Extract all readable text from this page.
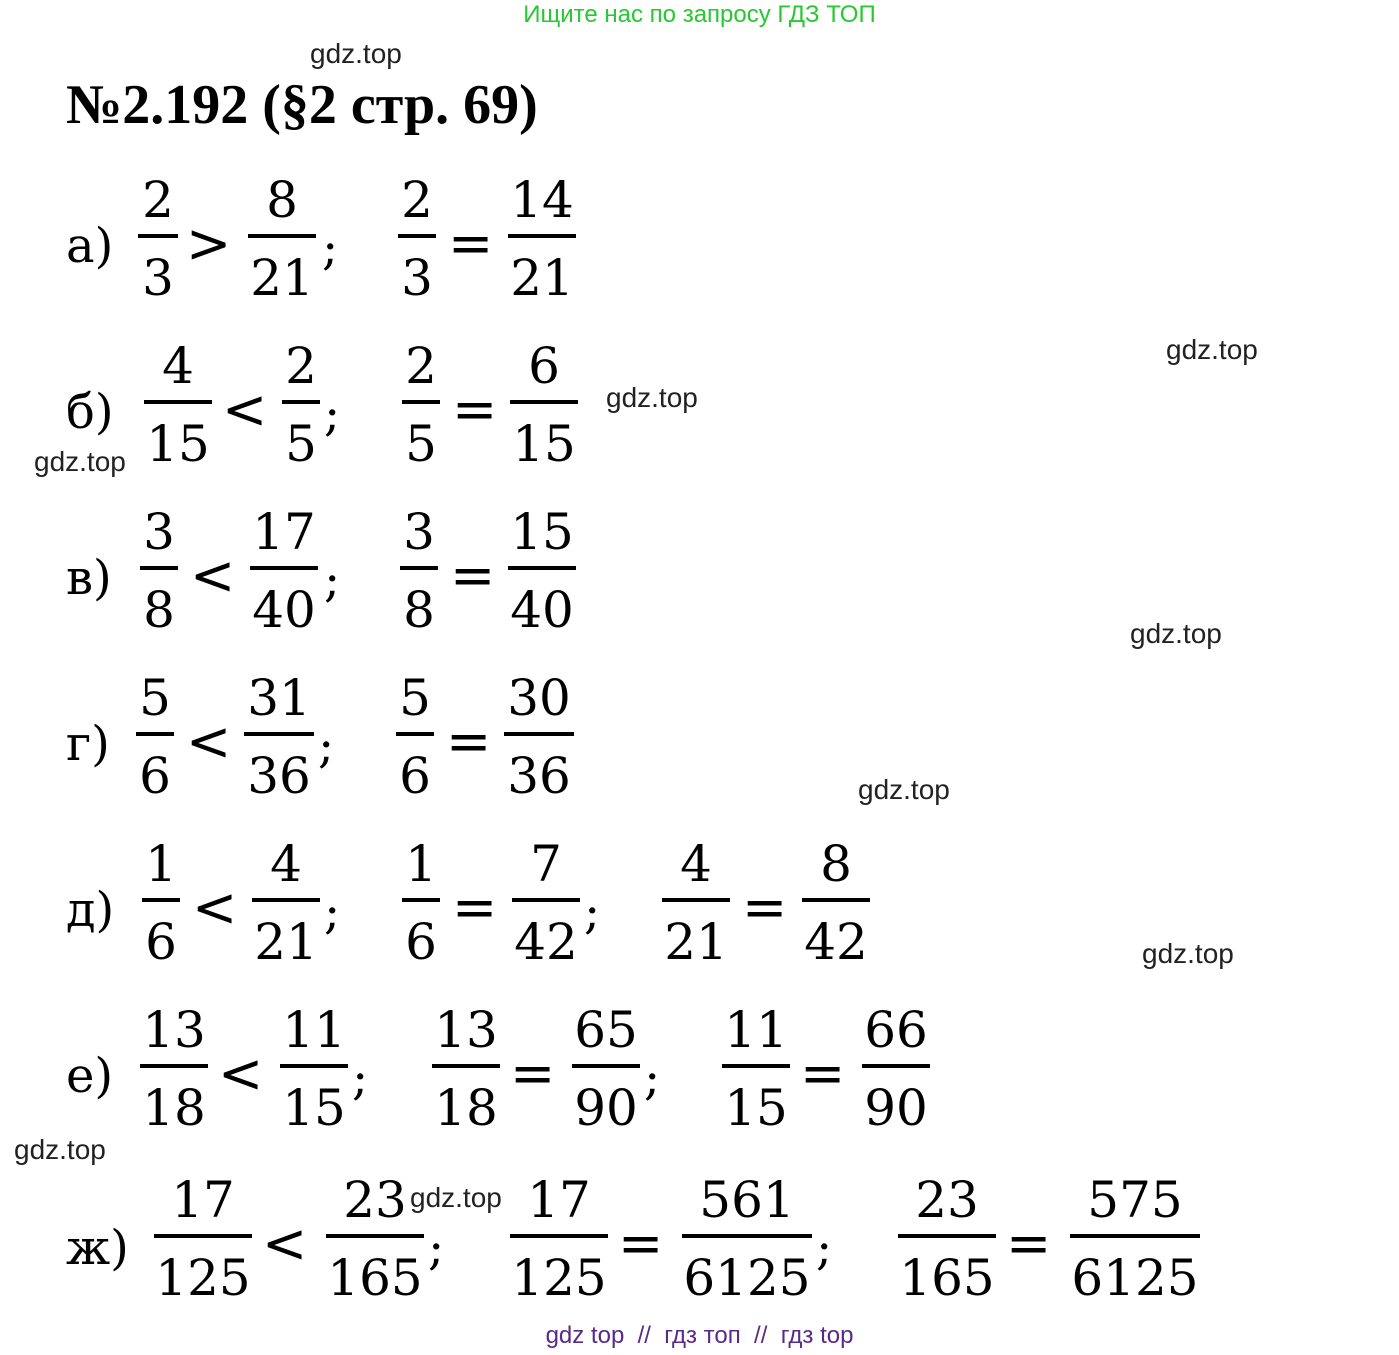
Ищите нас по запросу ГДЗ ТОП
№2.192 (§2 стр. 69)
gdz.top
gdz.top
gdz.top
gdz.top
gdz.top
gdz.top
gdz.top
gdz.top
gdz.top
а)
2
3
>
8
21
;
2
3
=
14
21
б)
4
15
<
2
5
;
2
5
=
6
15
в)
3
8
<
17
40
;
3
8
=
15
40
г)
5
6
<
31
36
;
5
6
=
30
36
д)
1
6
<
4
21
;
1
6
=
7
42
;
4
21
=
8
42
е)
13
18
<
11
15
;
13
18
=
65
90
;
11
15
=
66
90
ж)
17
125
<
23
165
;
17
125
=
561
6125
;
23
165
=
575
6125
gdz top  //  гдз топ  //  гдз top
